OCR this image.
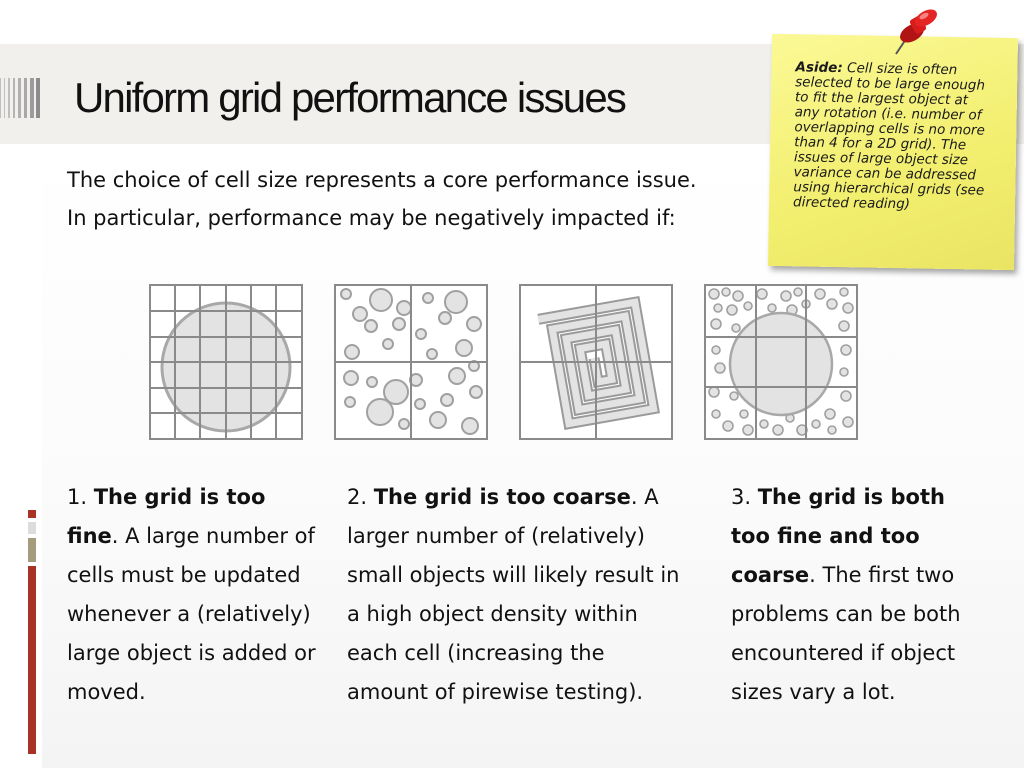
Uniform grid performance issues
The choice of cell size represents a core performance issue.
In particular, performance may be negatively impacted if:
1. The grid is too fine. A large number of cells must be updated whenever a (relatively) large object is added or moved.
2. The grid is too coarse. A larger number of (relatively) small objects will likely result in a high object density within each cell (increasing the amount of pirewise testing).
3. The grid is both too fine and too coarse. The first two problems can be both encountered if object sizes vary a lot.
Aside: Cell size is often selected to be large enough to fit the largest object at any rotation (i.e. number of overlapping cells is no more than 4 for a 2D grid). The issues of large object size variance can be addressed using hierarchical grids (see directed reading)
